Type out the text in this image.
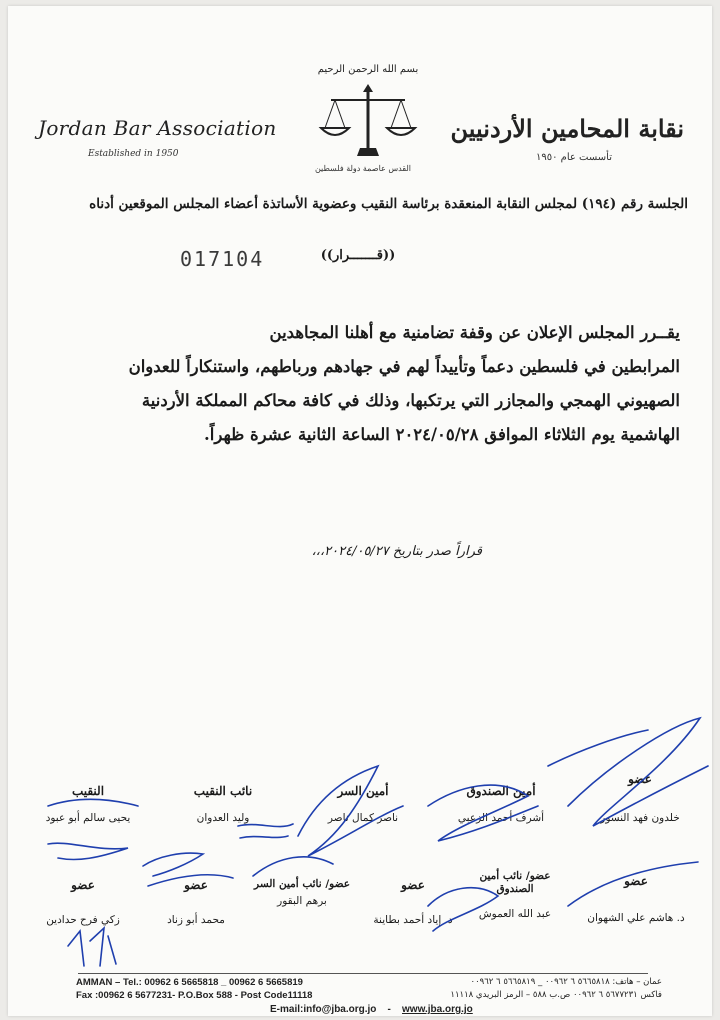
بسم الله الرحمن الرحيم
القدس عاصمة دولة فلسطين
Jordan Bar Association
Established in 1950
نقابة المحامين الأردنيين
تأسست عام ١٩٥٠
الجلسة رقم (١٩٤) لمجلس النقابة المنعقدة برئاسة النقيب وعضوية الأساتذة أعضاء المجلس الموقعين أدناه
((قـــــــرار))
017104
يقــرر المجلس الإعلان عن وقفة تضامنية مع أهلنا المجاهدين
المرابطين في فلسطين دعماً وتأييداً لهم في جهادهم ورباطهم، واستنكاراً للعدوان
الصهيوني الهمجي والمجازر التي يرتكبها، وذلك في كافة محاكم المملكة الأردنية
الهاشمية يوم الثلاثاء الموافق ٢٠٢٤/٠٥/٢٨ الساعة الثانية عشرة ظهراً.
قراراً صدر بتاريخ ٢٠٢٤/٠٥/٢٧،،،
النقيب
يحيى سالم أبو عبود
نائب النقيب
وليد العدوان
أمين السر
ناصر كمال ناصر
أمين الصندوق
أشرف أحمد الزعبي
عضو
خلدون فهد النسور
عضو
زكي فرح حدادين
عضو
محمد أبو زناد
عضو/ نائب أمين السر
برهم البقور
عضو
د. إياد أحمد بطاينة
عضو/ نائب أمين الصندوق
عبد الله العموش
عضو
د. هاشم علي الشهوان
AMMAN – Tel.: 00962 6 5665818 _ 00962 6 5665819
Fax :00962 6 5677231- P.O.Box 588 - Post Code11118
عمان – هاتف: ٥٦٦٥٨١٨ ٦ ٠٠٩٦٢ _ ٥٦٦٥٨١٩ ٦ ٠٠٩٦٢
فاكس ٥٦٧٧٢٣١ ٦ ٠٠٩٦٢ ص.ب ٥٨٨ – الرمز البريدي ١١١١٨
E-mail:info@jba.org.jo - www.jba.org.jo
